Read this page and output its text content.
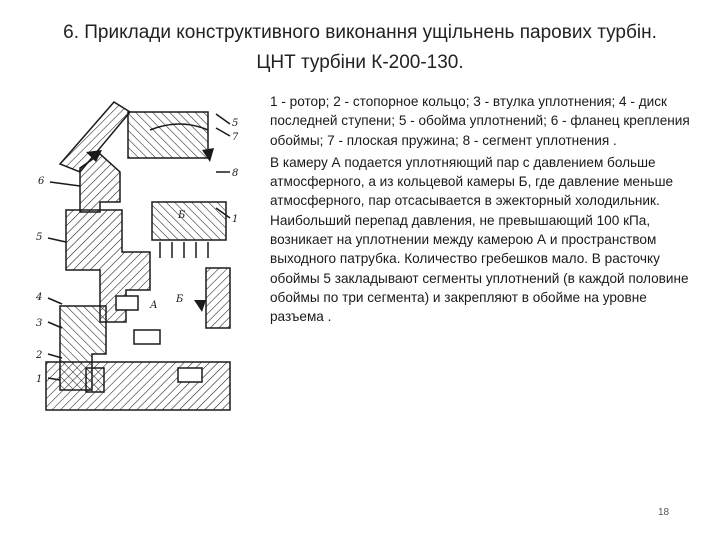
6. Приклади конструктивного виконання ущільнень парових турбін.
ЦНТ турбіни К-200-130.
5
7
8
6
1
5
4
3
2
1
А
Б
Б

1 - ротор; 2 - стопорное кольцо; 3 - втулка уплотнения; 4 - диск последней ступени; 5 - обойма уплотнений; 6 - фланец крепления обоймы; 7 - плоская пружина; 8 - сегмент уплотнения .

В камеру А подается уплотняющий пар с давлением больше атмосферного, а из кольцевой камеры Б, где давление меньше атмосферного, пар отсасывается в эжекторный холодильник. Наибольший перепад давления, не превышающий 100 кПа, возникает на уплотнении между камерою А и пространством выходного патрубка. Количество гребешков мало. В расточку обоймы 5 закладывают сегменты уплотнений (в каждой половине обоймы по три сегмента) и закрепляют в обойме на уровне разъема .

18
